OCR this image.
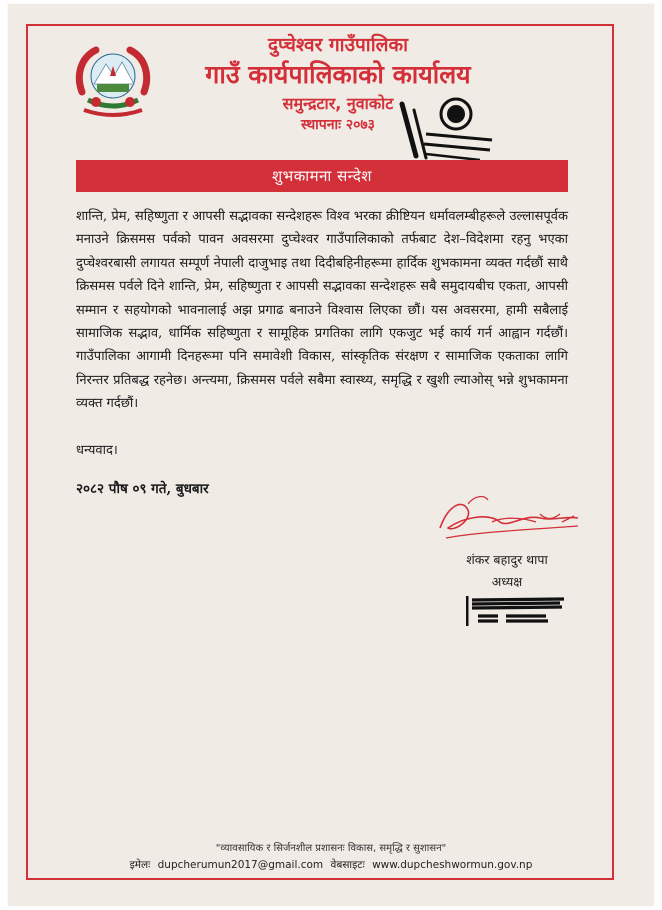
दुप्चेश्वर गाउँपालिका
गाउँ कार्यपालिकाको कार्यालय
समुन्द्रटार, नुवाकोट
स्थापनाः २०७३
शुभकामना सन्देश
शान्ति, प्रेम, सहिष्णुता र आपसी सद्भावका सन्देशहरू विश्व भरका क्रीष्टियन धर्मावलम्बीहरूले उल्लासपूर्वक मनाउने क्रिसमस पर्वको पावन अवसरमा दुप्चेश्वर गाउँपालिकाको तर्फबाट देश–विदेशमा रहनु भएका दुप्चेश्वरबासी लगायत सम्पूर्ण नेपाली दाजुभाइ तथा दिदीबहिनीहरूमा हार्दिक शुभकामना व्यक्त गर्दछौं साथै क्रिसमस पर्वले दिने शान्ति, प्रेम, सहिष्णुता र आपसी सद्भावका सन्देशहरू सबै समुदायबीच एकता, आपसी सम्मान र सहयोगको भावनालाई अझ प्रगाढ बनाउने विश्वास लिएका छौं। यस अवसरमा, हामी सबैलाई सामाजिक सद्भाव, धार्मिक सहिष्णुता र सामूहिक प्रगतिका लागि एकजुट भई कार्य गर्न आह्वान गर्दछौं। गाउँपालिका आगामी दिनहरूमा पनि समावेशी विकास, सांस्कृतिक संरक्षण र सामाजिक एकताका लागि निरन्तर प्रतिबद्ध रहनेछ। अन्त्यमा, क्रिसमस पर्वले सबैमा स्वास्थ्य, समृद्धि र खुशी ल्याओस् भन्ने शुभकामना व्यक्त गर्दछौं।
धन्यवाद।
२०८२ पौष ०९ गते, बुधबार
शंकर बहादुर थापा
अध्यक्ष
"व्यावसायिक र सिर्जनशील प्रशासनः विकास, समृद्धि र सुशासन"
इमेलः dupcherumun2017@gmail.com वेबसाइटः www.dupcheshwormun.gov.np
